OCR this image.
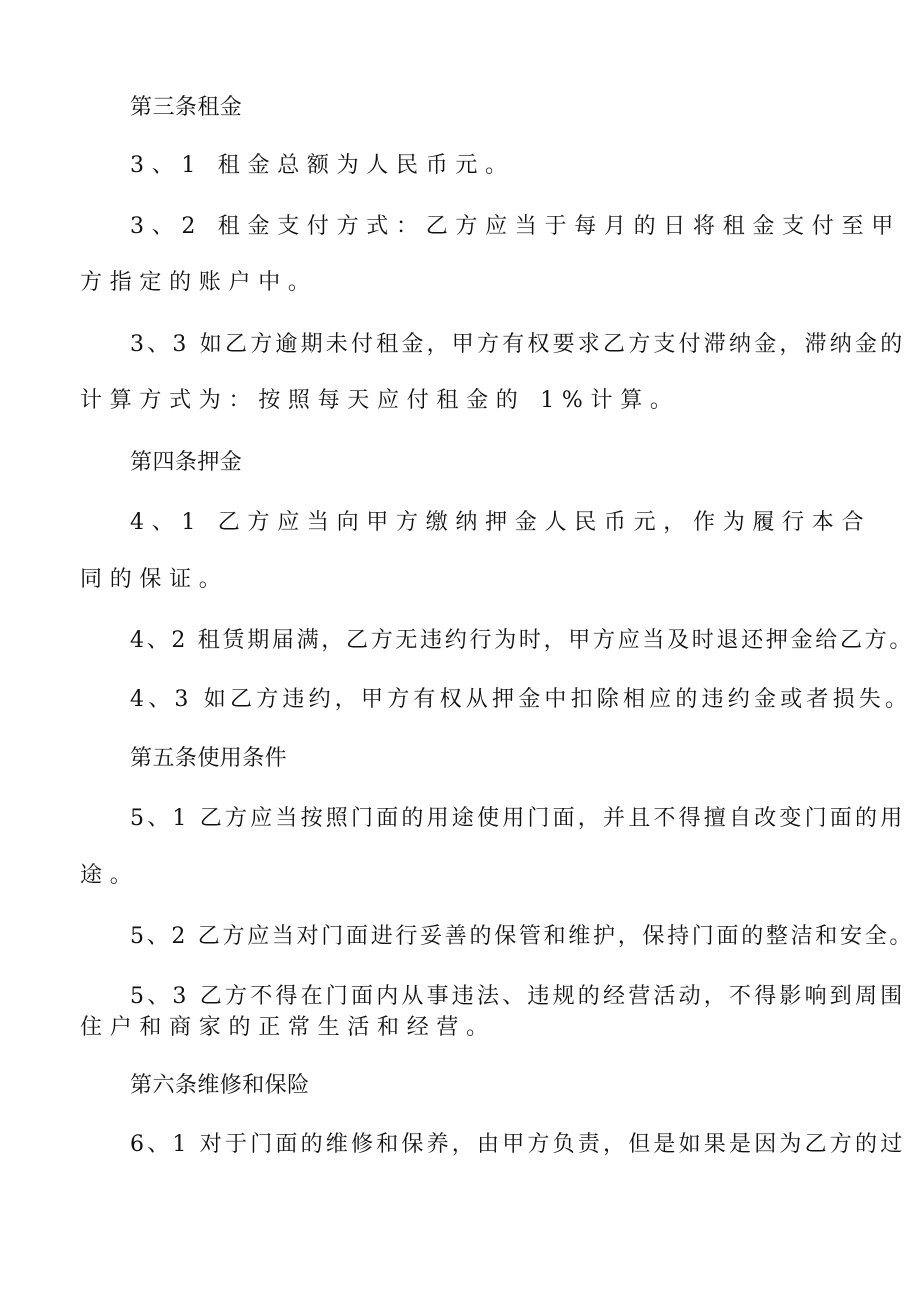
第三条租金
3、1 租金总额为人民币元。
3、2 租金支付方式：乙方应当于每月的日将租金支付至甲
方指定的账户中。
3、3 如乙方逾期未付租金，甲方有权要求乙方支付滞纳金，滞纳金的
计算方式为：按照每天应付租金的 1%计算。
第四条押金
4、1 乙方应当向甲方缴纳押金人民币元，作为履行本合
同的保证。
4、2 租赁期届满，乙方无违约行为时，甲方应当及时退还押金给乙方。
4、3 如乙方违约，甲方有权从押金中扣除相应的违约金或者损失。
第五条使用条件
5、1 乙方应当按照门面的用途使用门面，并且不得擅自改变门面的用
途。
5、2 乙方应当对门面进行妥善的保管和维护，保持门面的整洁和安全。
5、3 乙方不得在门面内从事违法、违规的经营活动，不得影响到周围
住户和商家的正常生活和经营。
第六条维修和保险
6、1 对于门面的维修和保养，由甲方负责，但是如果是因为乙方的过
